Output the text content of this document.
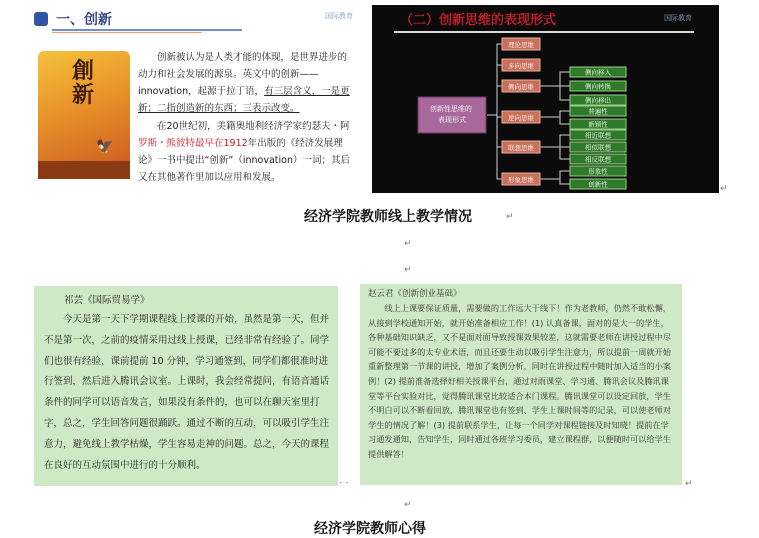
一、创新	国际教育
創新
🦅
创新被认为是人类才能的体现，是世界进步的动力和社会发展的源泉。英文中的创新——innovation，起源于拉丁语，有三层含义，一是更新；二指创造新的东西；三表示改变。
在20世纪初，美籍奥地利经济学家约瑟夫・阿罗斯・熊彼特最早在1912年出版的《经济发展理论》一书中提出“创新”（innovation）一词；其后又在其他著作里加以应用和发展。
（二）创新思维的表现形式	国际教育
创新性思维的 表现形式
理论思维
多向思维
侧向思维
逆向思维
联想思维
形象思维
侧向移入
侧向转换
侧向移出
普遍性
新颖性
相近联想
相似联想
相反联想
形象性
创新性	↵
经济学院教师线上教学情况	↵
↵
↵
祁芸《国际贸易学》
今天是第一天下学期课程线上授课的开始，虽然是第一天，但并不是第一次，之前的疫情采用过线上授课，已经非常有经验了。同学们也很有经验，课前提前 10 分钟，学习通签到，同学们都很准时进行签到，然后进入腾讯会议室。上课时，我会经常提问，有语音通话条件的同学可以语音发言，如果没有条件的，也可以在聊天室里打字，总之，学生回答问题很踊跃。通过不断的互动，可以吸引学生注意力，避免线上教学枯燥，学生容易走神的问题。总之，今天的课程在良好的互动氛围中进行的十分顺利。
- -
赵云君《创新创业基础》
线上上课要保证质量，需要做的工作远大于线下！作为老教师，仍然不敢松懈，从接到学校通知开始，就开始准备相应工作！(1) 认真备课，面对的是大一的学生，各种基础知识缺乏，又不是面对面导致授课效果较差，这就需要老师在讲授过程中尽可能不要过多的太专业术语，而且还要生动以吸引学生注意力，所以提前一周就开始重新整理第一节课的讲授，增加了案例分析，同时在讲授过程中随时加入适当的小案例！(2) 提前准备选择好相关授课平台，通过对雨课堂、学习通、腾讯会议及腾讯课堂等平台实验对比，觉得腾讯课堂比较适合本门课程。腾讯课堂可以设定回放，学生不明白可以不断看回放，腾讯课堂也有签到、学生上课时间等的记录，可以使老师对学生的情况了解！(3) 提前联系学生，让每一个同学对课程链接及时知晓！提前在学习通发通知，告知学生，同时通过各班学习委员，建立课程群，以便随时可以给学生提供解答！
↵
↵
经济学院教师心得
